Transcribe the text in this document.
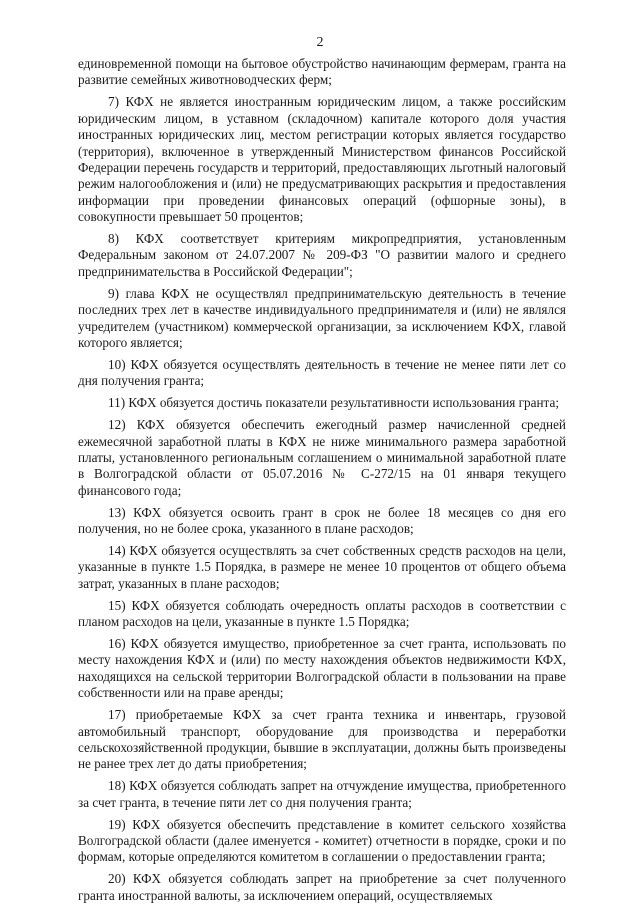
2

единовременной помощи на бытовое обустройство начинающим фермерам, гранта на развитие семейных животноводческих ферм;

7) КФХ не является иностранным юридическим лицом, а также российским юридическим лицом, в уставном (складочном) капитале которого доля участия иностранных юридических лиц, местом регистрации которых является государство (территория), включенное в утвержденный Министерством финансов Российской Федерации перечень государств и территорий, предоставляющих льготный налоговый режим налогообложения и (или) не предусматривающих раскрытия и предоставления информации при проведении финансовых операций (офшорные зоны), в совокупности превышает 50 процентов;

8) КФХ соответствует критериям микропредприятия, установленным Федеральным законом от 24.07.2007 № 209-ФЗ "О развитии малого и среднего предпринимательства в Российской Федерации";

9) глава КФХ не осуществлял предпринимательскую деятельность в течение последних трех лет в качестве индивидуального предпринимателя и (или) не являлся учредителем (участником) коммерческой организации, за исключением КФХ, главой которого является;

10) КФХ обязуется осуществлять деятельность в течение не менее пяти лет со дня получения гранта;

11) КФХ обязуется достичь показатели результативности использования гранта;

12) КФХ обязуется обеспечить ежегодный размер начисленной средней ежемесячной заработной платы в КФХ не ниже минимального размера заработной платы, установленного региональным соглашением о минимальной заработной плате в Волгоградской области от 05.07.2016 № С-272/15 на 01 января текущего финансового года;

13) КФХ обязуется освоить грант в срок не более 18 месяцев со дня его получения, но не более срока, указанного в плане расходов;

14) КФХ обязуется осуществлять за счет собственных средств расходов на цели, указанные в пункте 1.5 Порядка, в размере не менее 10 процентов от общего объема затрат, указанных в плане расходов;

15) КФХ обязуется соблюдать очередность оплаты расходов в соответствии с планом расходов на цели, указанные в пункте 1.5 Порядка;

16) КФХ обязуется имущество, приобретенное за счет гранта, использовать по месту нахождения КФХ и (или) по месту нахождения объектов недвижимости КФХ, находящихся на сельской территории Волгоградской области в пользовании на праве собственности или на праве аренды;

17) приобретаемые КФХ за счет гранта техника и инвентарь, грузовой автомобильный транспорт, оборудование для производства и переработки сельскохозяйственной продукции, бывшие в эксплуатации, должны быть произведены не ранее трех лет до даты приобретения;

18) КФХ обязуется соблюдать запрет на отчуждение имущества, приобретенного за счет гранта, в течение пяти лет со дня получения гранта;

19) КФХ обязуется обеспечить представление в комитет сельского хозяйства Волгоградской области (далее именуется - комитет) отчетности в порядке, сроки и по формам, которые определяются комитетом в соглашении о предоставлении гранта;

20) КФХ обязуется соблюдать запрет на приобретение за счет полученного гранта иностранной валюты, за исключением операций, осуществляемых
